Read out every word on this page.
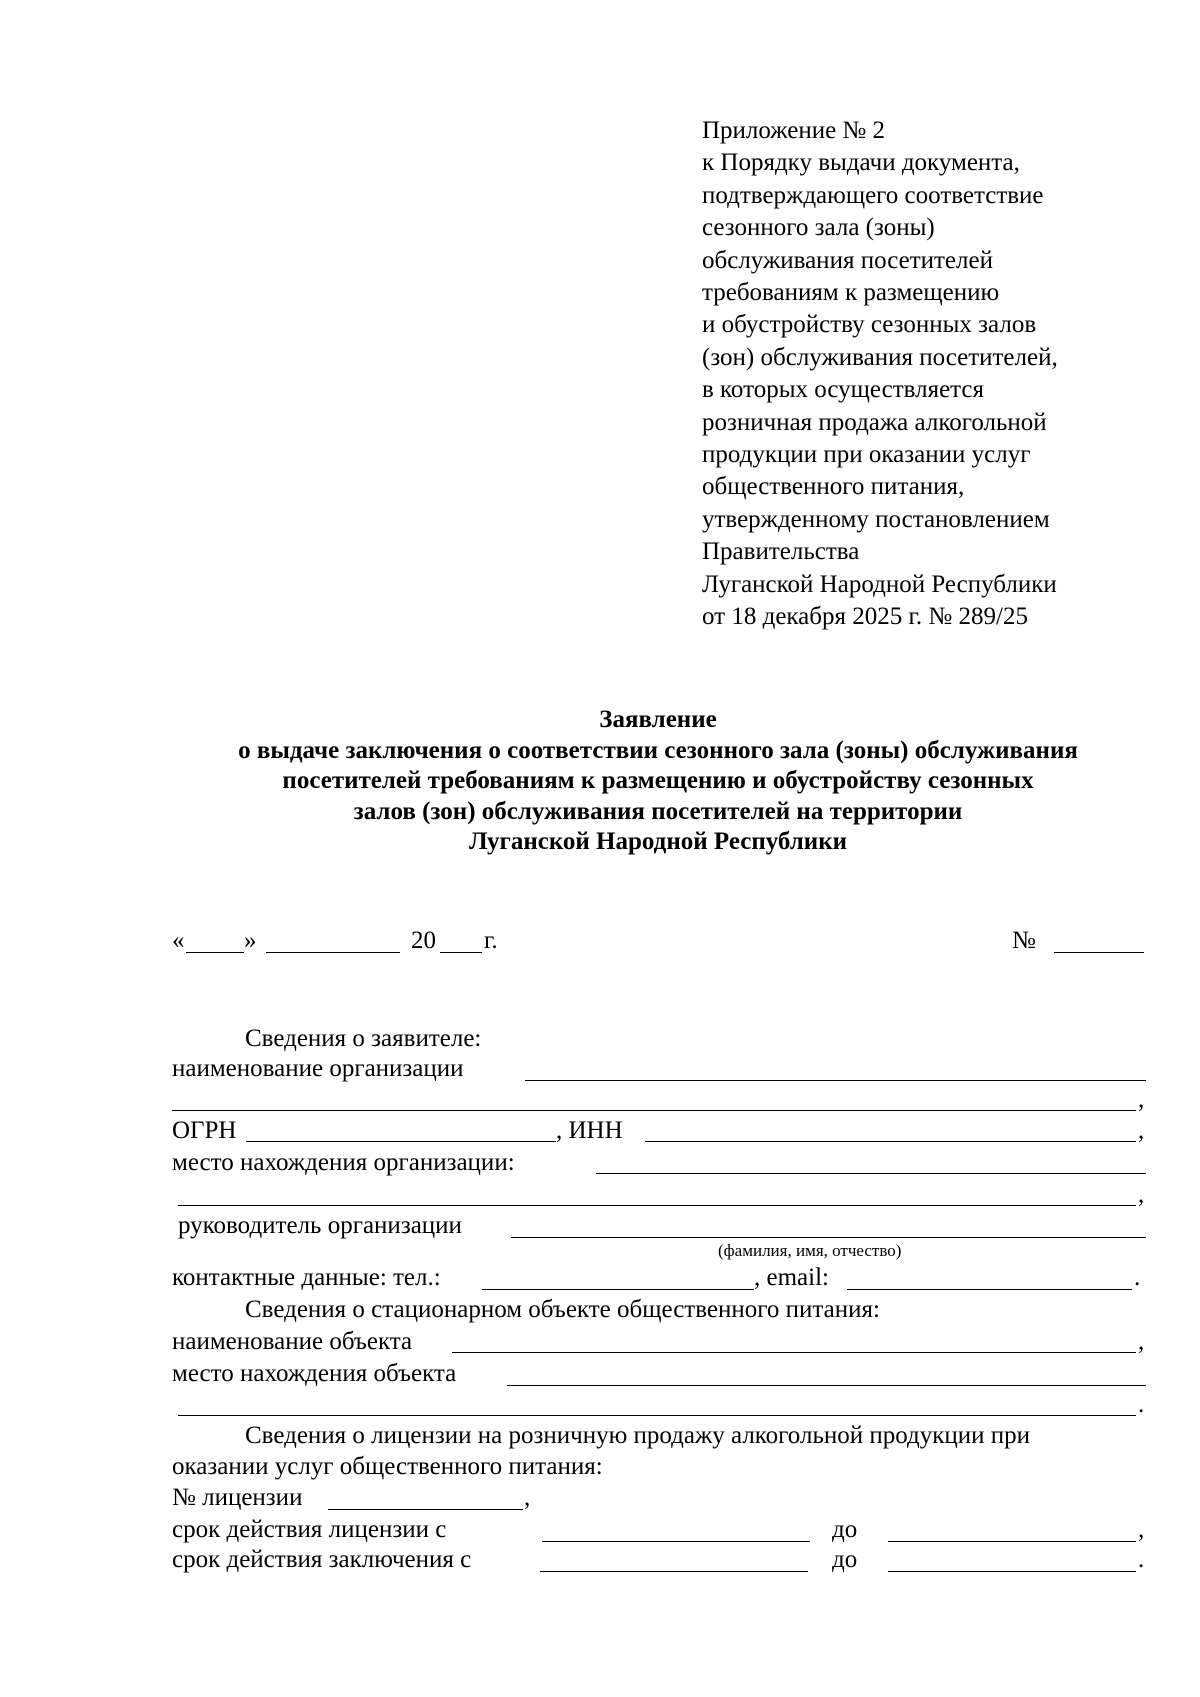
Приложение № 2
к Порядку выдачи документа,
подтверждающего соответствие
сезонного зала (зоны)
обслуживания посетителей
требованиям к размещению
и обустройству сезонных залов
(зон) обслуживания посетителей,
в которых осуществляется
розничная продажа алкогольной
продукции при оказании услуг
общественного питания,
утвержденному постановлением
Правительства
Луганской Народной Республики
от 18 декабря 2025 г. № 289/25
Заявление
о выдаче заключения о соответствии сезонного зала (зоны) обслуживания
посетителей требованиям к размещению и обустройству сезонных
залов (зон) обслуживания посетителей на территории
Луганской Народной Республики
« »	20 г.	№
Сведения о заявителе:
наименование организации
,
ОГРН	, ИНН	,
место нахождения организации:
,
руководитель организации
(фамилия, имя, отчество)
контактные данные: тел.:	, email:	.
Сведения о стационарном объекте общественного питания:
наименование объекта	,
место нахождения объекта
.
Сведения о лицензии на розничную продажу алкогольной продукции при
оказании услуг общественного питания:
№ лицензии	,
срок действия лицензии с	до	,
срок действия заключения с	до	.
